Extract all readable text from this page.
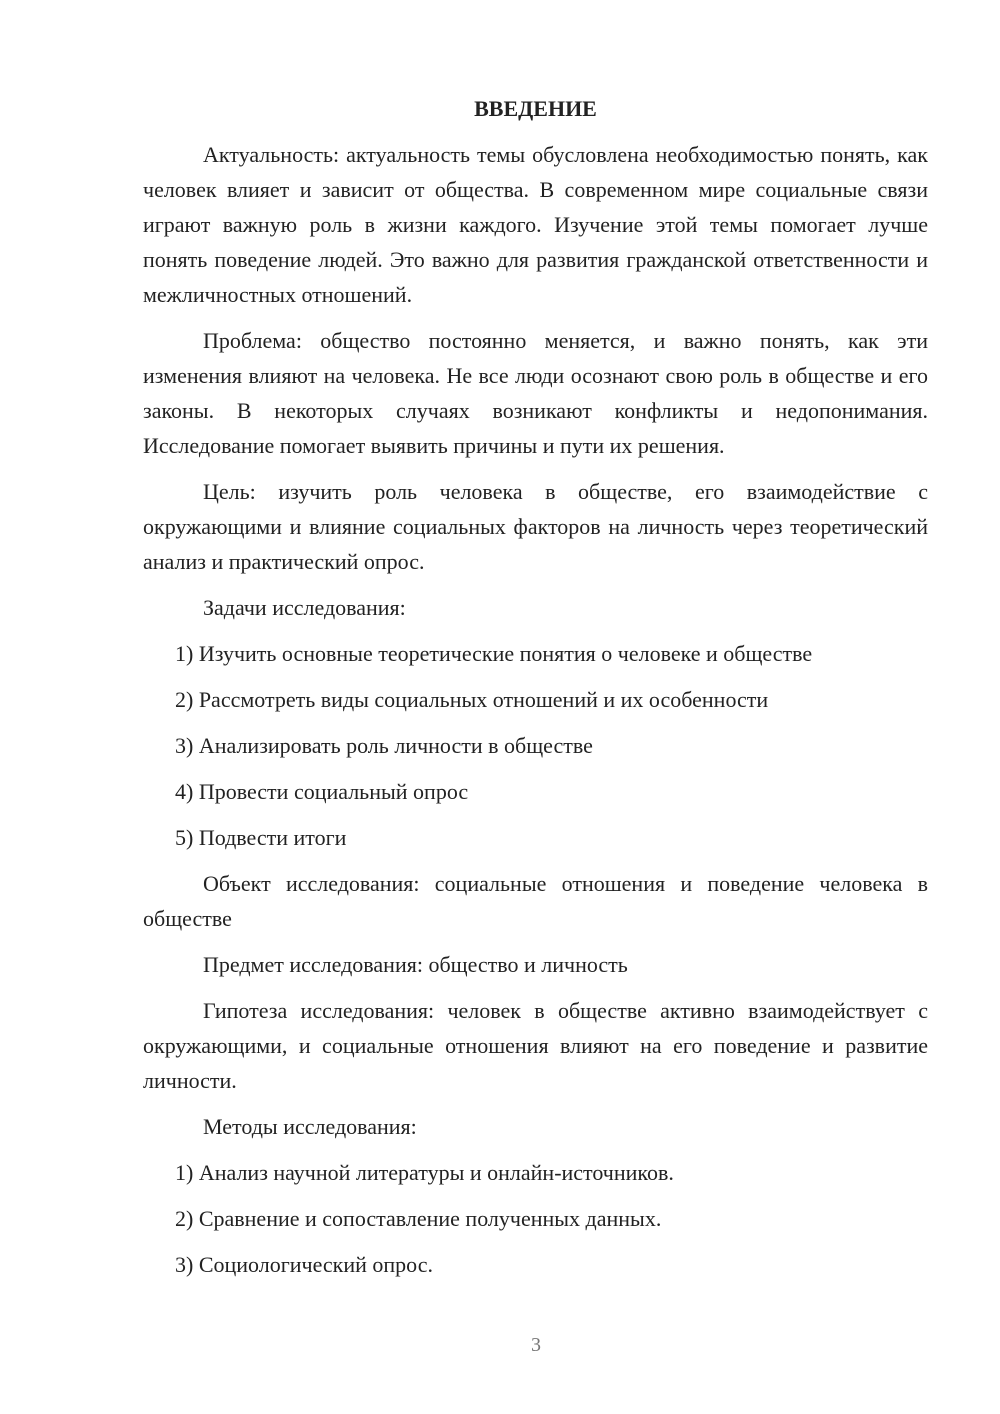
ВВЕДЕНИЕ

Актуальность: актуальность темы обусловлена необходимостью понять, как человек влияет и зависит от общества. В современном мире социальные связи играют важную роль в жизни каждого. Изучение этой темы помогает лучше понять поведение людей. Это важно для развития гражданской ответственности и межличностных отношений.

Проблема: общество постоянно меняется, и важно понять, как эти изменения влияют на человека. Не все люди осознают свою роль в обществе и его законы. В некоторых случаях возникают конфликты и недопонимания. Исследование помогает выявить причины и пути их решения.

Цель: изучить роль человека в обществе, его взаимодействие с окружающими и влияние социальных факторов на личность через теоретический анализ и практический опрос.

Задачи исследования:

1) Изучить основные теоретические понятия о человеке и обществе
2) Рассмотреть виды социальных отношений и их особенности
3) Анализировать роль личности в обществе
4) Провести социальный опрос
5) Подвести итоги

Объект исследования: социальные отношения и поведение человека в обществе

Предмет исследования: общество и личность

Гипотеза исследования: человек в обществе активно взаимодействует с окружающими, и социальные отношения влияют на его поведение и развитие личности.

Методы исследования:

1) Анализ научной литературы и онлайн-источников.
2) Сравнение и сопоставление полученных данных.
3) Социологический опрос.
3
